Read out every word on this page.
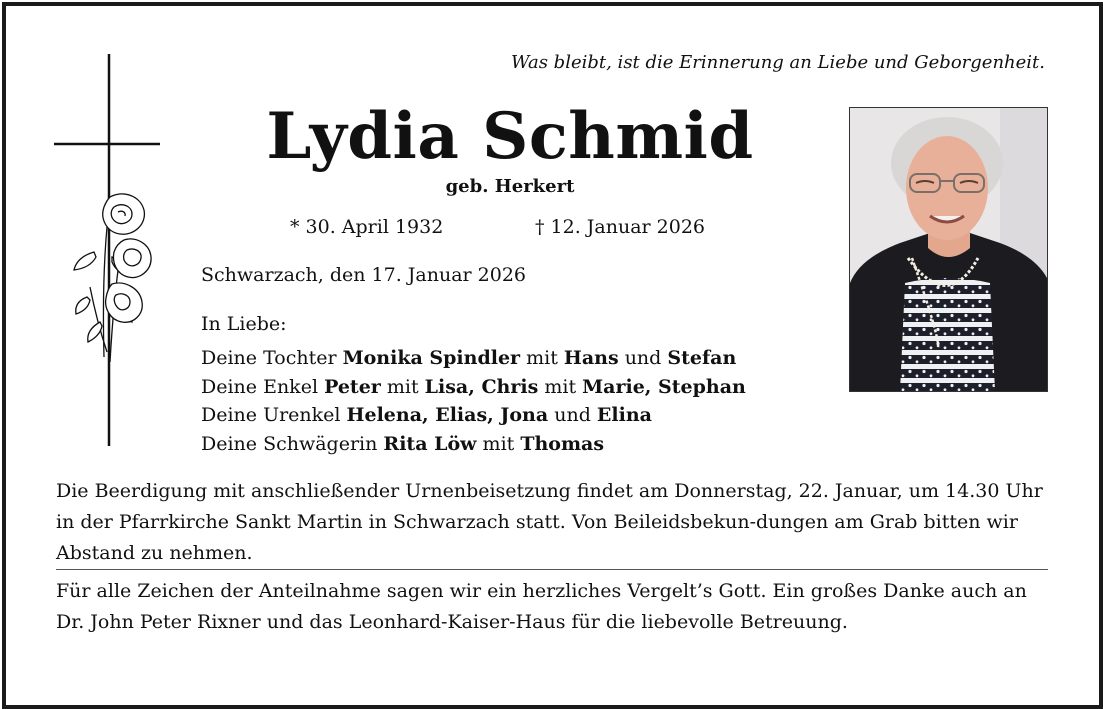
Was bleibt, ist die Erinnerung an Liebe und Geborgenheit.
Lydia Schmid
geb. Herkert
* 30. April 1932	† 12. Januar 2026
Schwarzach, den 17. Januar 2026
In Liebe:
Deine Tochter Monika Spindler mit Hans und Stefan
Deine Enkel Peter mit Lisa, Chris mit Marie, Stephan
Deine Urenkel Helena, Elias, Jona und Elina
Deine Schwägerin Rita Löw mit Thomas
Die Beerdigung mit anschließender Urnenbeisetzung findet am Donnerstag, 22. Januar, um 14.30 Uhr in der Pfarrkirche Sankt Martin in Schwarzach statt. Von Beileidsbekun-dungen am Grab bitten wir Abstand zu nehmen.
Für alle Zeichen der Anteilnahme sagen wir ein herzliches Vergelt’s Gott. Ein großes Danke auch an Dr. John Peter Rixner und das Leonhard-Kaiser-Haus für die liebevolle Betreuung.
